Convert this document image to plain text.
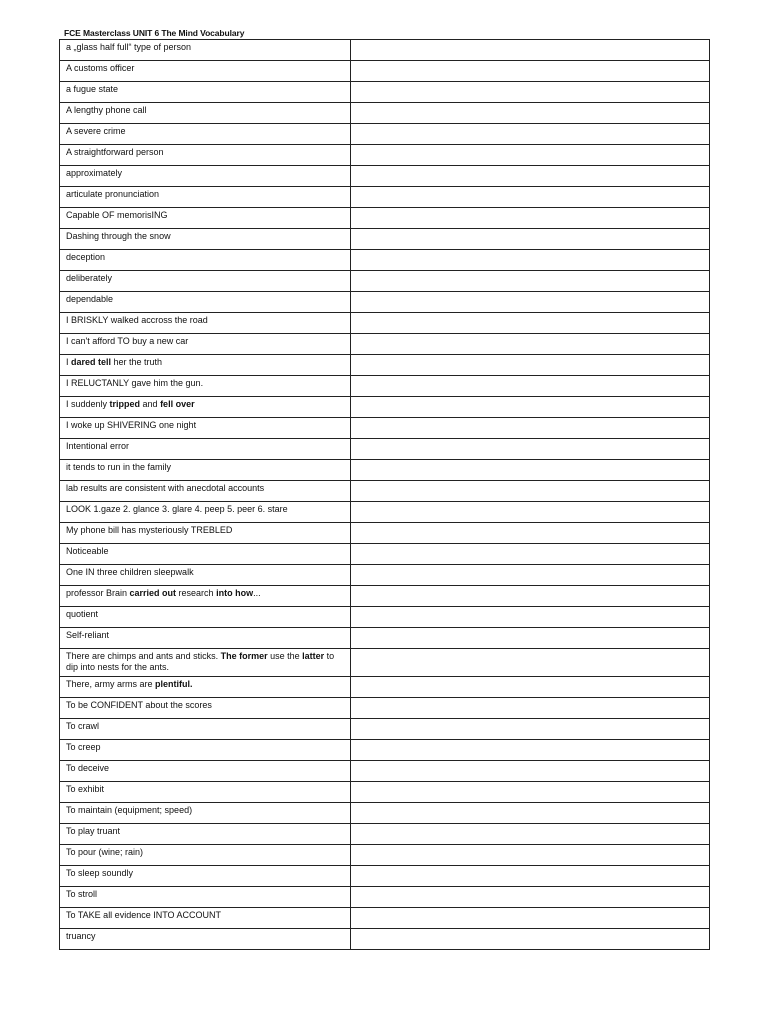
FCE Masterclass UNIT 6 The Mind Vocabulary
a „glass half full“ type of person	
A customs officer	
a fugue state	
A lengthy phone call	
A severe crime	
A straightforward person	
approximately	
articulate pronunciation	
Capable OF memorisING	
Dashing through the snow	
deception	
deliberately	
dependable	
I BRISKLY walked accross the road	
I can't afford TO buy a new car	
I dared tell her the truth	
I RELUCTANLY gave him the gun.	
I suddenly tripped and fell over	
I woke up SHIVERING one night	
Intentional error	
it tends to run in the family	
lab results are consistent with anecdotal accounts	
LOOK 1.gaze 2. glance 3. glare 4. peep 5. peer 6. stare	
My phone bill has mysteriously TREBLED	
Noticeable	
One IN three children sleepwalk	
professor Brain carried out research into how...	
quotient	
Self-reliant	
There are chimps and ants and sticks. The former use the latter to dip into nests for the ants.	
There, army arms are plentiful.	
To be CONFIDENT about the scores	
To crawl	
To creep	
To deceive	
To exhibit	
To maintain (equipment; speed)	
To play truant	
To pour (wine; rain)	
To sleep soundly	
To stroll	
To TAKE all evidence INTO ACCOUNT	
truancy	
